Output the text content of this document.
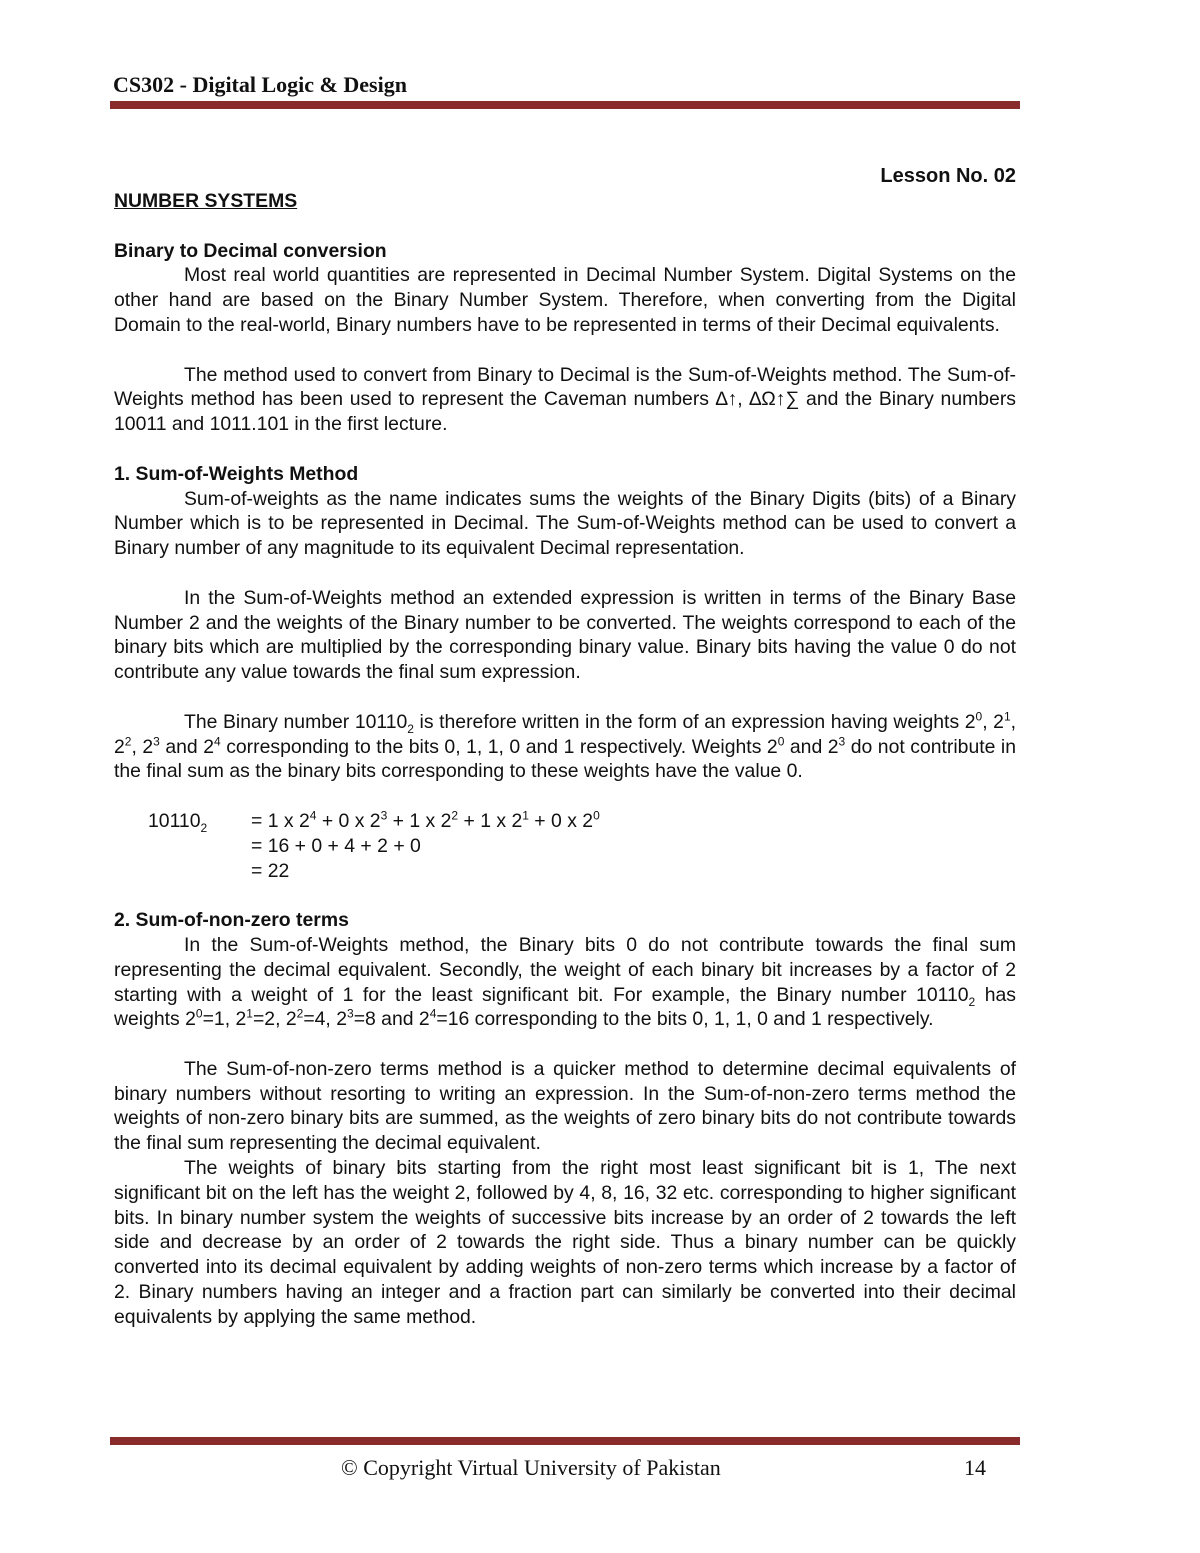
CS302 - Digital Logic & Design
Lesson No. 02

NUMBER SYSTEMS

Binary to Decimal conversion

Most real world quantities are represented in Decimal Number System. Digital Systems on the other hand are based on the Binary Number System. Therefore, when converting from the Digital Domain to the real-world, Binary numbers have to be represented in terms of their Decimal equivalents.

The method used to convert from Binary to Decimal is the Sum-of-Weights method. The Sum-of-Weights method has been used to represent the Caveman numbers ∆↑, ∆Ω↑∑ and the Binary numbers 10011 and 1011.101 in the first lecture.

1. Sum-of-Weights Method

Sum-of-weights as the name indicates sums the weights of the Binary Digits (bits) of a Binary Number which is to be represented in Decimal. The Sum-of-Weights method can be used to convert a Binary number of any magnitude to its equivalent Decimal representation.

In the Sum-of-Weights method an extended expression is written in terms of the Binary Base Number 2 and the weights of the Binary number to be converted. The weights correspond to each of the binary bits which are multiplied by the corresponding binary value. Binary bits having the value 0 do not contribute any value towards the final sum expression.

The Binary number $10110_2$ is therefore written in the form of an expression having weights $2^0$, $2^1$, $2^2$, $2^3$ and $2^4$ corresponding to the bits 0, 1, 1, 0 and 1 respectively. Weights $2^0$ and $2^3$ do not contribute in the final sum as the binary bits corresponding to these weights have the value 0.

$10110_2$	= 1 x $2^4 + 0$ x $2^3 + 1$ x $2^2 + 1$ x $2^1 + 0$ x $2^0$
= 16 + 0 + 4 + 2 + 0
= 22

2. Sum-of-non-zero terms

In the Sum-of-Weights method, the Binary bits 0 do not contribute towards the final sum representing the decimal equivalent. Secondly, the weight of each binary bit increases by a factor of 2 starting with a weight of 1 for the least significant bit. For example, the Binary number $10110_2$ has weights $2^0=1$, $2^1=2$, $2^2=4$, $2^3=8$ and $2^4=16$ corresponding to the bits 0, 1, 1, 0 and 1 respectively.

The Sum-of-non-zero terms method is a quicker method to determine decimal equivalents of binary numbers without resorting to writing an expression. In the Sum-of-non-zero terms method the weights of non-zero binary bits are summed, as the weights of zero binary bits do not contribute towards the final sum representing the decimal equivalent.

The weights of binary bits starting from the right most least significant bit is 1, The next significant bit on the left has the weight 2, followed by 4, 8, 16, 32 etc. corresponding to higher significant bits. In binary number system the weights of successive bits increase by an order of 2 towards the left side and decrease by an order of 2 towards the right side. Thus a binary number can be quickly converted into its decimal equivalent by adding weights of non-zero terms which increase by a factor of 2. Binary numbers having an integer and a fraction part can similarly be converted into their decimal equivalents by applying the same method.

© Copyright Virtual University of Pakistan	14
